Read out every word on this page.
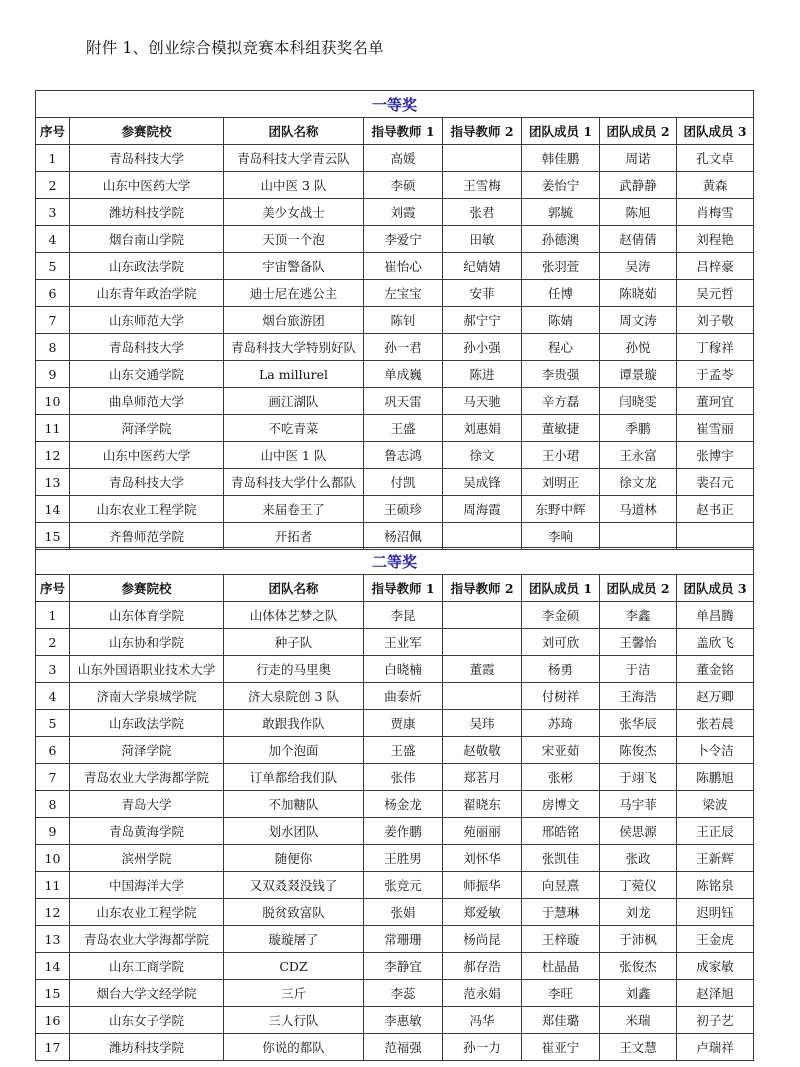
附件 1、创业综合模拟竞赛本科组获奖名单
一等奖							
序号	参赛院校	团队名称	指导教师 1	指导教师 2	团队成员 1	团队成员 2	团队成员 3
1	青岛科技大学	青岛科技大学青云队	高媛		韩佳鹏	周诺	孔文卓
2	山东中医药大学	山中医 3 队	李硕	王雪梅	姜怡宁	武静静	黄森
3	潍坊科技学院	美少女战士	刘霞	张君	郭毓	陈旭	肖梅雪
4	烟台南山学院	天顶一个泡	李爱宁	田敏	孙德澳	赵倩倩	刘程艳
5	山东政法学院	宇宙警备队	崔怡心	纪婧婧	张羽萱	吴涛	吕梓豪
6	山东青年政治学院	迪士尼在逃公主	左宝宝	安菲	任博	陈晓茹	吴元哲
7	山东师范大学	烟台旅游团	陈钊	郝宁宁	陈婧	周文涛	刘子敬
8	青岛科技大学	青岛科技大学特别好队	孙一君	孙小强	程心	孙悦	丁稼祥
9	山东交通学院	La millurel	单成巍	陈进	李贵强	谭景璇	于孟苓
10	曲阜师范大学	画江湖队	巩天雷	马天驰	辛方磊	闫晓雯	董珂宜
11	菏泽学院	不吃青菜	王盛	刘惠娟	董敏捷	季鹏	崔雪丽
12	山东中医药大学	山中医 1 队	鲁志鸿	徐文	王小珺	王永富	张博宇
13	青岛科技大学	青岛科技大学什么都队	付凯	吴成锋	刘明正	徐文龙	裴召元
14	山东农业工程学院	来届卷王了	王硕珍	周海霞	东野中辉	马道林	赵书正
15	齐鲁师范学院	开拓者	杨沼佩		李响		
二等奖							
序号	参赛院校	团队名称	指导教师 1	指导教师 2	团队成员 1	团队成员 2	团队成员 3
1	山东体育学院	山体体艺梦之队	李昆		李金硕	李鑫	单昌腾
2	山东协和学院	种子队	王业军		刘可欣	王馨怡	盖欣飞
3	山东外国语职业技术大学	行走的马里奥	白晓楠	董霞	杨勇	于洁	董金铭
4	济南大学泉城学院	济大泉院创 3 队	曲泰炘		付树祥	王海浩	赵万卿
5	山东政法学院	敢跟我作队	贾康	吴玮	苏琦	张华辰	张若晨
6	菏泽学院	加个泡面	王盛	赵敬敬	宋亚茹	陈俊杰	卜令洁
7	青岛农业大学海都学院	订单都给我们队	张伟	郑茗月	张彬	于翊飞	陈鹏旭
8	青岛大学	不加糖队	杨金龙	翟晓东	房博文	马宇菲	梁波
9	青岛黄海学院	划水团队	姜作鹏	苑丽丽	邢皓铭	侯思源	王正辰
10	滨州学院	随便你	王胜男	刘怀华	张凯佳	张政	王新辉
11	中国海洋大学	又双叒叕没钱了	张竞元	师振华	向昱熹	丁菀仪	陈铭泉
12	山东农业工程学院	脱贫致富队	张娟	郑爱敏	于慧琳	刘龙	迟明钰
13	青岛农业大学海都学院	璇璇屠了	常珊珊	杨尚昆	王梓璇	于沛枫	王金虎
14	山东工商学院	CDZ	李静宜	郝存浩	杜晶晶	张俊杰	成家敏
15	烟台大学文经学院	三斤	李蕊	范永娟	李旺	刘鑫	赵泽旭
16	山东女子学院	三人行队	李惠敏	冯华	郑佳璐	米瑞	初子艺
17	潍坊科技学院	你说的都队	范福强	孙一力	崔亚宁	王文慧	卢瑞祥
